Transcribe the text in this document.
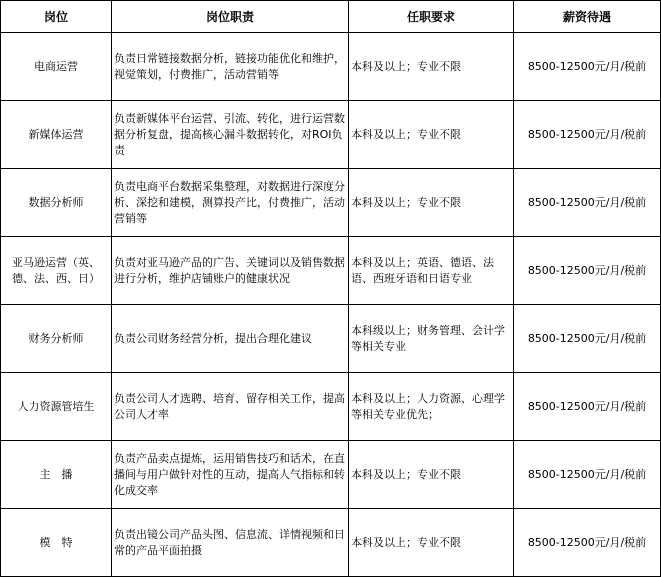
岗位	岗位职责	任职要求	薪资待遇
电商运营	负责日常链接数据分析，链接功能优化和维护，视觉策划，付费推广，活动营销等	本科及以上；专业不限	8500-12500元/月/税前
新媒体运营	负责新媒体平台运营、引流、转化，进行运营数据分析复盘，提高核心漏斗数据转化，对ROI负责	本科及以上；专业不限	8500-12500元/月/税前
数据分析师	负责电商平台数据采集整理，对数据进行深度分析、深挖和建模，测算投产比，付费推广，活动营销等	本科及以上；专业不限	8500-12500元/月/税前
亚马逊运营（英、德、法、西、日）	负责对亚马逊产品的广告、关键词以及销售数据进行分析，维护店铺账户的健康状况	本科及以上；英语、德语、法语、西班牙语和日语专业	8500-12500元/月/税前
财务分析师	负责公司财务经营分析，提出合理化建议	本科级以上；财务管理、会计学等相关专业	8500-12500元/月/税前
人力资源管培生	负责公司人才选聘、培育、留存相关工作，提高公司人才率	本科及以上；人力资源、心理学等相关专业优先；	8500-12500元/月/税前
主　播	负责产品卖点提炼，运用销售技巧和话术，在直播间与用户做针对性的互动，提高人气指标和转化成交率	本科及以上；专业不限	8500-12500元/月/税前
模　特	负责出镜公司产品头图、信息流、详情视频和日常的产品平面拍摄	本科及以上；专业不限	8500-12500元/月/税前
